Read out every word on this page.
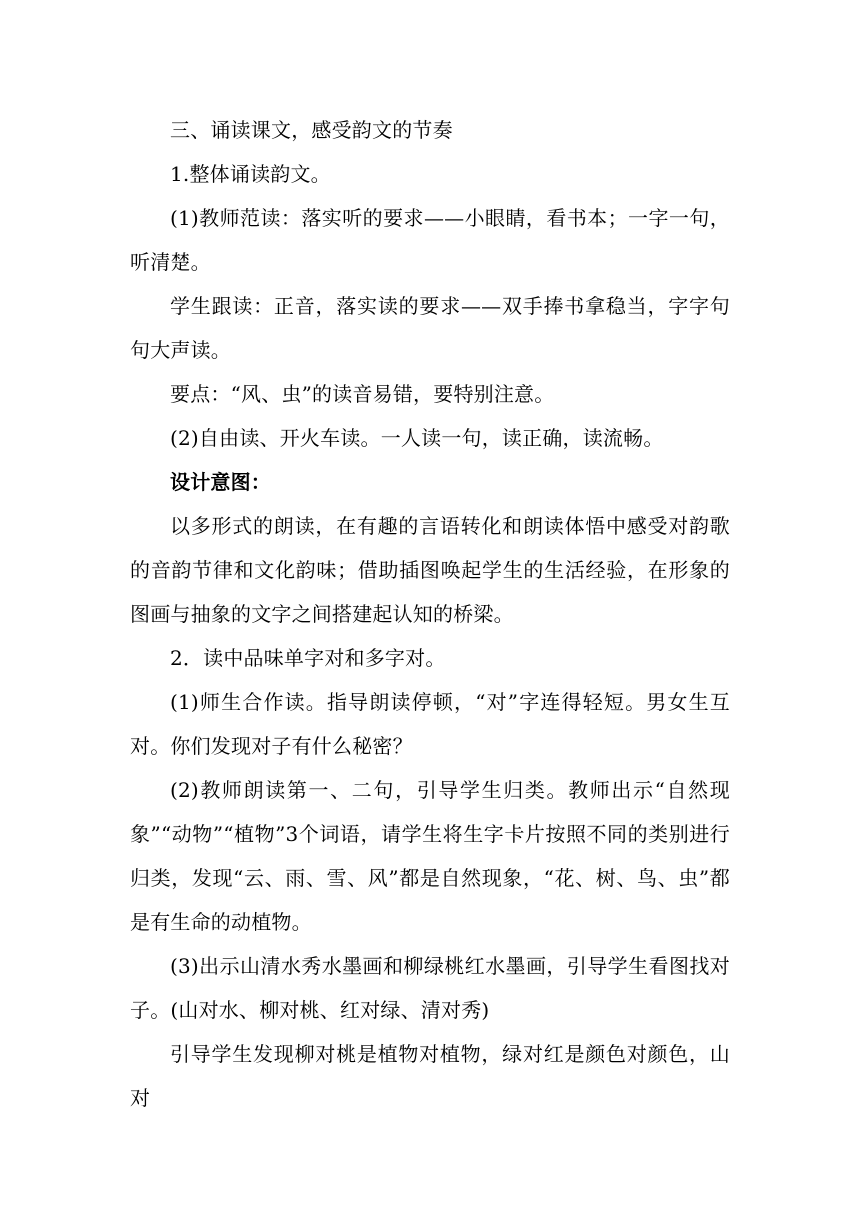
三、诵读课文，感受韵文的节奏

1.整体诵读韵文。

(1)教师范读：落实听的要求——小眼睛，看书本；一字一句，听清楚。

学生跟读：正音，落实读的要求——双手捧书拿稳当，字字句句大声读。

要点：“风、虫”的读音易错，要特别注意。

(2)自由读、开火车读。一人读一句，读正确，读流畅。

设计意图：

以多形式的朗读，在有趣的言语转化和朗读体悟中感受对韵歌的音韵节律和文化韵味；借助插图唤起学生的生活经验，在形象的图画与抽象的文字之间搭建起认知的桥梁。

2．读中品味单字对和多字对。

(1)师生合作读。指导朗读停顿，“对”字连得轻短。男女生互对。你们发现对子有什么秘密？

(2)教师朗读第一、二句，引导学生归类。教师出示“自然现象”“动物”“植物”3个词语，请学生将生字卡片按照不同的类别进行归类，发现“云、雨、雪、风”都是自然现象，“花、树、鸟、虫”都是有生命的动植物。

(3)出示山清水秀水墨画和柳绿桃红水墨画，引导学生看图找对子。(山对水、柳对桃、红对绿、清对秀)

引导学生发现柳对桃是植物对植物，绿对红是颜色对颜色，山对
